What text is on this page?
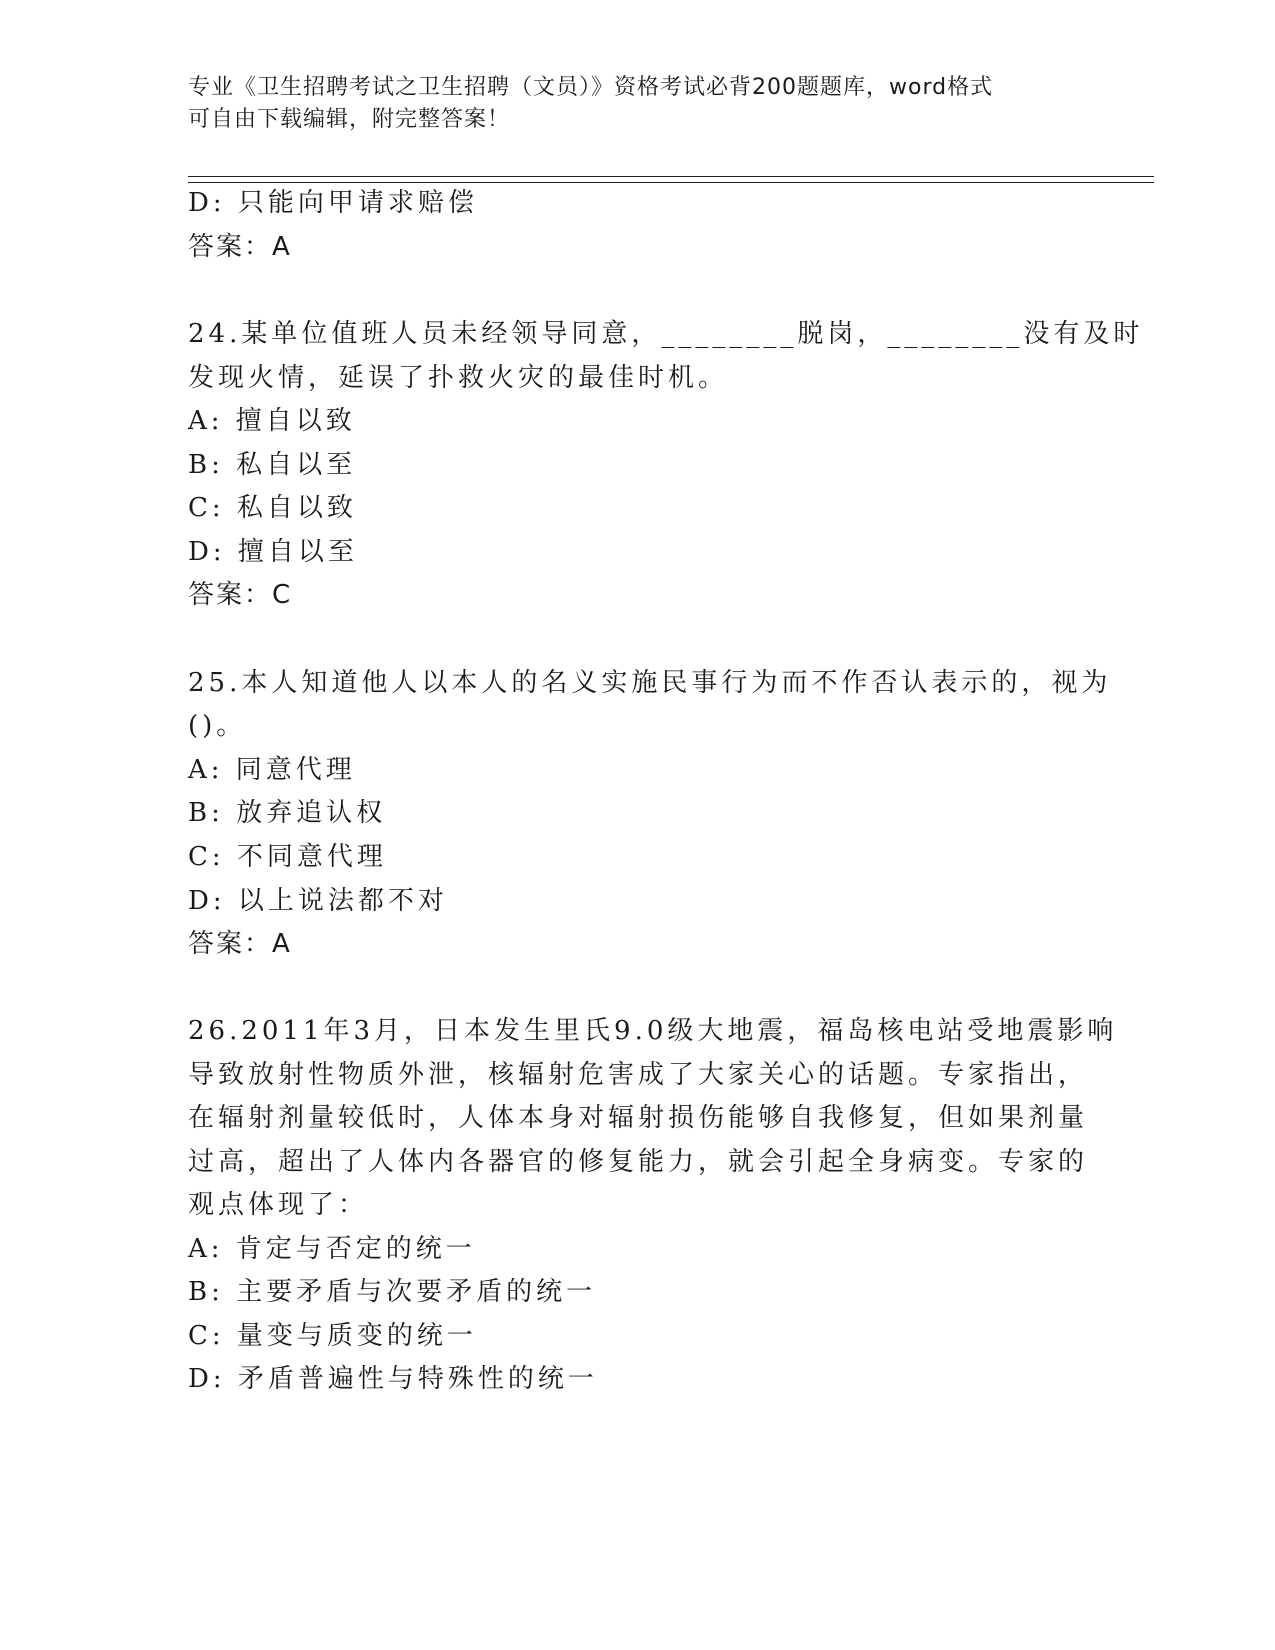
专业《卫生招聘考试之卫生招聘（文员）》资格考试必背200题题库，word格式
可自由下载编辑，附完整答案！
D: 只能向甲请求赔偿
答案：A
24.某单位值班人员未经领导同意，________脱岗，________没有及时
发现火情，延误了扑救火灾的最佳时机。
A: 擅自以致
B: 私自以至
C: 私自以致
D: 擅自以至
答案：C
25.本人知道他人以本人的名义实施民事行为而不作否认表示的，视为
()。
A: 同意代理
B: 放弃追认权
C: 不同意代理
D: 以上说法都不对
答案：A
26.2011年3月，日本发生里氏9.0级大地震，福岛核电站受地震影响
导致放射性物质外泄，核辐射危害成了大家关心的话题。专家指出，
在辐射剂量较低时，人体本身对辐射损伤能够自我修复，但如果剂量
过高，超出了人体内各器官的修复能力，就会引起全身病变。专家的
观点体现了：
A: 肯定与否定的统一
B: 主要矛盾与次要矛盾的统一
C: 量变与质变的统一
D: 矛盾普遍性与特殊性的统一
